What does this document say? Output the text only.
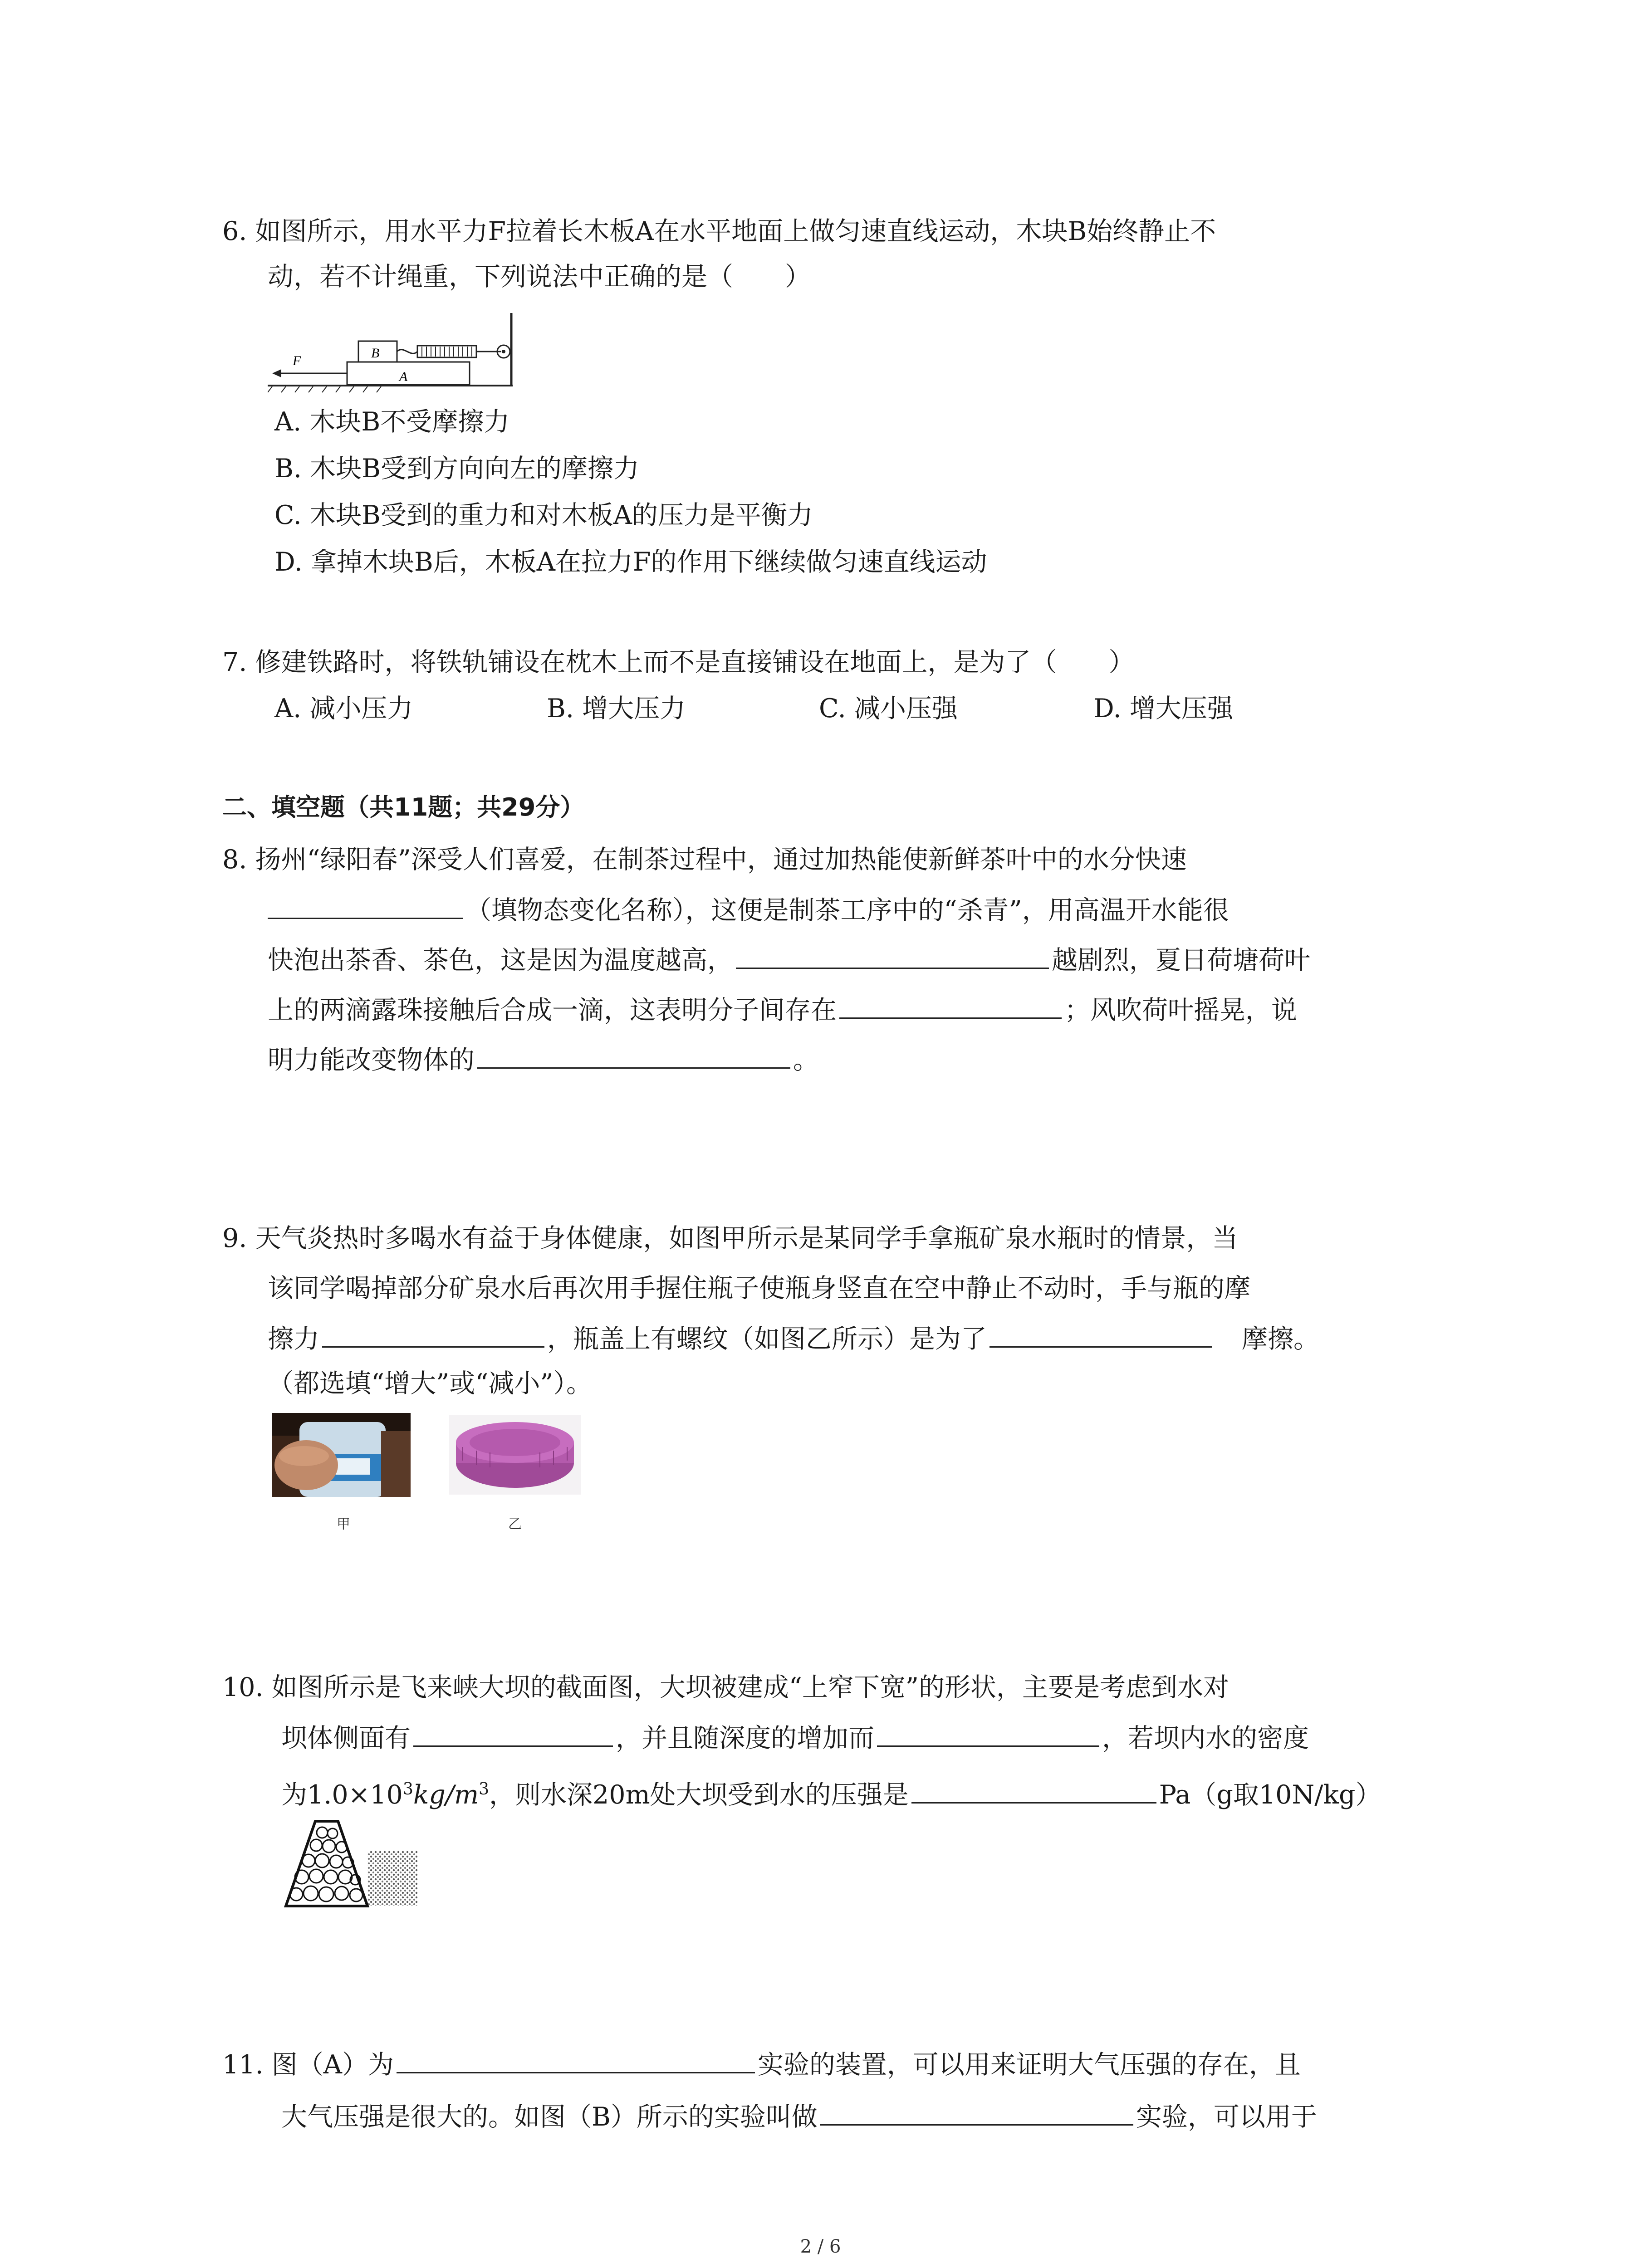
6. 如图所示，用水平力F拉着长木板A在水平地面上做匀速直线运动，木块B始终静止不
动，若不计绳重，下列说法中正确的是（　　）
F
B
A
A. 木块B不受摩擦力
B. 木块B受到方向向左的摩擦力
C. 木块B受到的重力和对木板A的压力是平衡力
D. 拿掉木块B后，木板A在拉力F的作用下继续做匀速直线运动
7. 修建铁路时，将铁轨铺设在枕木上而不是直接铺设在地面上，是为了（　　）
A. 减小压力	B. 增大压力	C. 减小压强	D. 增大压强
二、填空题（共11题；共29分）
8. 扬州“绿阳春”深受人们喜爱，在制茶过程中，通过加热能使新鲜茶叶中的水分快速
（填物态变化名称），这便是制茶工序中的“杀青”，用高温开水能很
快泡出茶香、茶色，这是因为温度越高，	越剧烈，夏日荷塘荷叶
上的两滴露珠接触后合成一滴，这表明分子间存在	；风吹荷叶摇晃，说
明力能改变物体的	。
9. 天气炎热时多喝水有益于身体健康，如图甲所示是某同学手拿瓶矿泉水瓶时的情景，当
该同学喝掉部分矿泉水后再次用手握住瓶子使瓶身竖直在空中静止不动时，手与瓶的摩
擦力	，瓶盖上有螺纹（如图乙所示）是为了	摩擦。
（都选填“增大”或“减小”）。
甲	乙
10. 如图所示是飞来峡大坝的截面图，大坝被建成“上窄下宽”的形状，主要是考虑到水对
坝体侧面有	，并且随深度的增加而	，若坝内水的密度
为$1.0\times 10^3kg/m^3$，则水深20m处大坝受到水的压强是	Pa（g取10N/kg）
11. 图（A）为	实验的装置，可以用来证明大气压强的存在，且
大气压强是很大的。如图（B）所示的实验叫做	实验，可以用于
2 / 6
